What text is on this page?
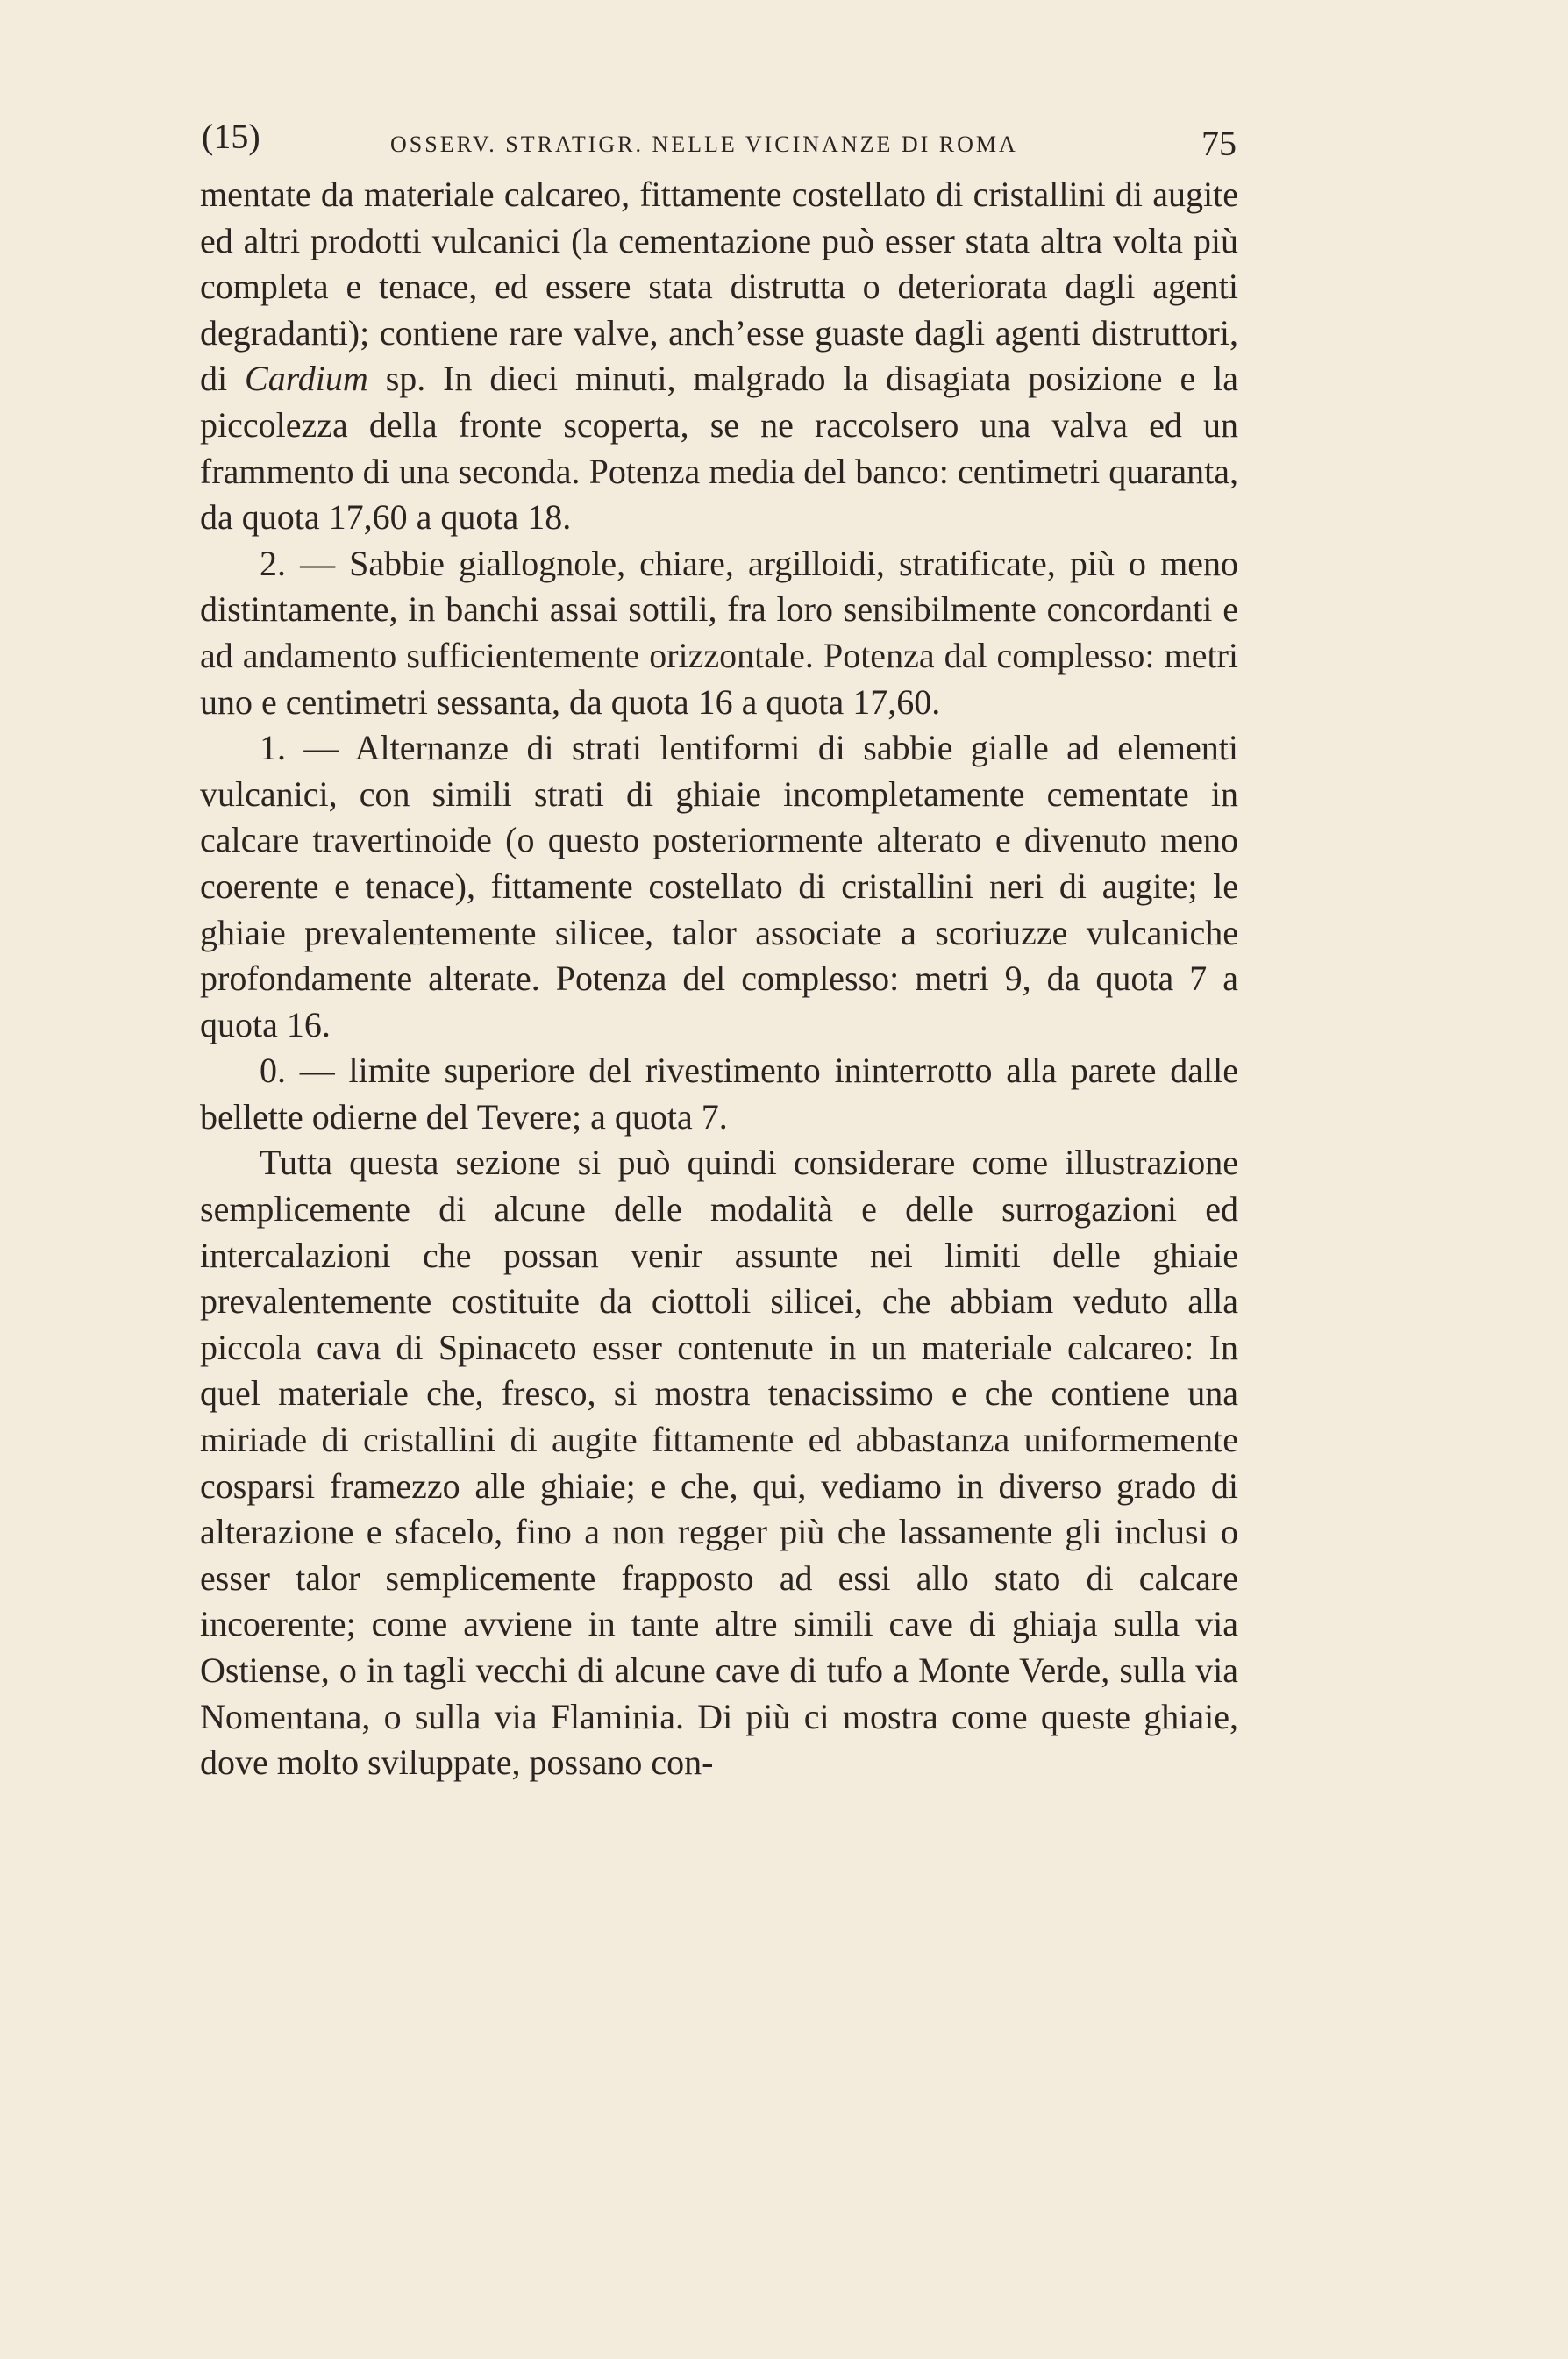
(15)	OSSERV. STRATIGR. NELLE VICINANZE DI ROMA	75

mentate da materiale calcareo, fittamente costellato di cristallini di augite ed altri prodotti vulcanici (la cementazione può esser stata altra volta più completa e tenace, ed essere stata distrutta o deteriorata dagli agenti degradanti); contiene rare valve, anch’esse guaste dagli agenti distruttori, di Cardium sp. In dieci minuti, malgrado la disagiata posizione e la piccolezza della fronte scoperta, se ne raccolsero una valva ed un frammento di una seconda. Potenza media del banco: centimetri quaranta, da quota 17,60 a quota 18.

2. — Sabbie giallognole, chiare, argilloidi, stratificate, più o meno distintamente, in banchi assai sottili, fra loro sensibilmente concordanti e ad andamento sufficientemente orizzontale. Potenza dal complesso: metri uno e centimetri sessanta, da quota 16 a quota 17,60.

1. — Alternanze di strati lentiformi di sabbie gialle ad elementi vulcanici, con simili strati di ghiaie incompletamente cementate in calcare travertinoide (o questo posteriormente alterato e divenuto meno coerente e tenace), fittamente costellato di cristallini neri di augite; le ghiaie prevalentemente silicee, talor associate a scoriuzze vulcaniche profondamente alterate. Potenza del complesso: metri 9, da quota 7 a quota 16.

0. — limite superiore del rivestimento ininterrotto alla parete dalle bellette odierne del Tevere; a quota 7.

Tutta questa sezione si può quindi considerare come illustrazione semplicemente di alcune delle modalità e delle surrogazioni ed intercalazioni che possan venir assunte nei limiti delle ghiaie prevalentemente costituite da ciottoli silicei, che abbiam veduto alla piccola cava di Spinaceto esser contenute in un materiale calcareo: In quel materiale che, fresco, si mostra tenacissimo e che contiene una miriade di cristallini di augite fittamente ed abbastanza uniformemente cosparsi framezzo alle ghiaie; e che, qui, vediamo in diverso grado di alterazione e sfacelo, fino a non regger più che lassamente gli inclusi o esser talor semplicemente frapposto ad essi allo stato di calcare incoerente; come avviene in tante altre simili cave di ghiaja sulla via Ostiense, o in tagli vecchi di alcune cave di tufo a Monte Verde, sulla via Nomentana, o sulla via Flaminia. Di più ci mostra come queste ghiaie, dove molto sviluppate, possano con-
